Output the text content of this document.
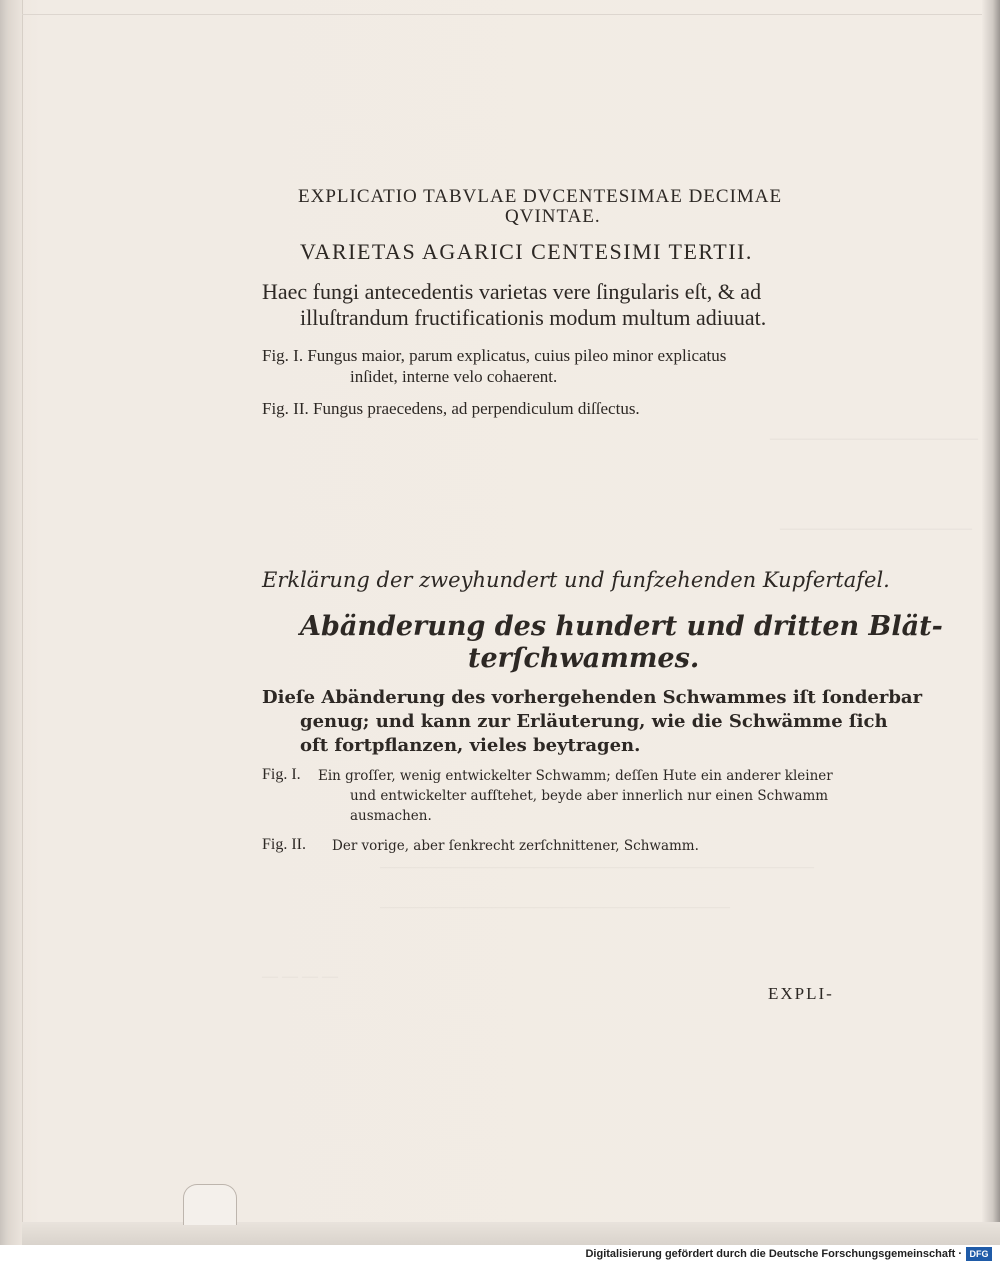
—————————————
————————————
———————————————————————————————
—————————————————————————
— — — —
EXPLICATIO TABVLAE DVCENTESIMAE DECIMAE
QVINTAE.
VARIETAS AGARICI CENTESIMI TERTII.
Haec fungi antecedentis varietas vere ſingularis eſt, & ad
illuſtrandum fructificationis modum multum adiuuat.
Fig. I. Fungus maior, parum explicatus, cuius pileo minor explicatus
inſidet, interne velo cohaerent.
Fig. II. Fungus praecedens, ad perpendiculum diſſectus.
Erklärung der zweyhundert und funfzehenden Kupfertafel.
Abänderung des hundert und dritten Blät-
terſchwammes.
Dieſe Abänderung des vorhergehenden Schwammes iſt ſonderbar
genug; und kann zur Erläuterung, wie die Schwämme ſich
oft fortpflanzen, vieles beytragen.
Fig. I. Ein groſſer, wenig entwickelter Schwamm; deſſen Hute ein anderer kleiner
und entwickelter aufſtehet, beyde aber innerlich nur einen Schwamm
ausmachen.
Fig. II. Der vorige, aber ſenkrecht zerſchnittener, Schwamm.
EXPLI-
Digitalisierung gefördert durch die Deutsche Forschungsgemeinschaft · DFG
